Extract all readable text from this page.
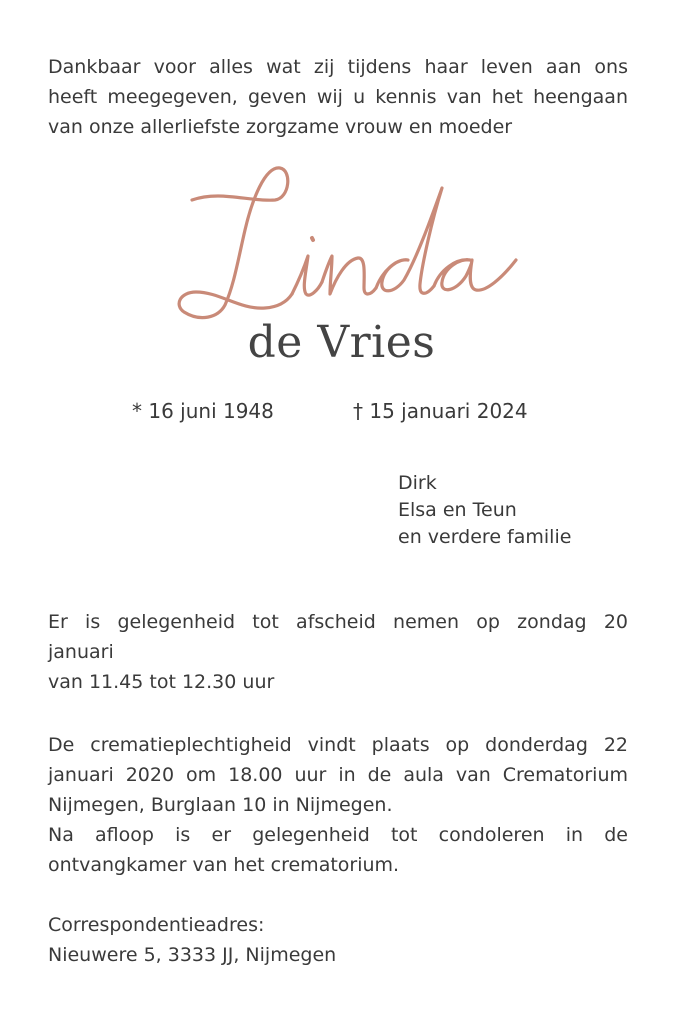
Dankbaar voor alles wat zij tijdens haar leven aan ons
heeft meegegeven, geven wij u kennis van het heengaan
van onze allerliefste zorgzame vrouw en moeder

de Vries
* 16 juni 1948	† 15 januari 2024
Dirk
Elsa en Teun
en verdere familie

Er is gelegenheid tot afscheid nemen op zondag 20
januari
van 11.45 tot 12.30 uur

De crematieplechtigheid vindt plaats op donderdag 22
januari 2020 om 18.00 uur in de aula van Crematorium
Nijmegen, Burglaan 10 in Nijmegen.
Na afloop is er gelegenheid tot condoleren in de
ontvangkamer van het crematorium.

Correspondentieadres:
Nieuwere 5, 3333 JJ, Nijmegen
